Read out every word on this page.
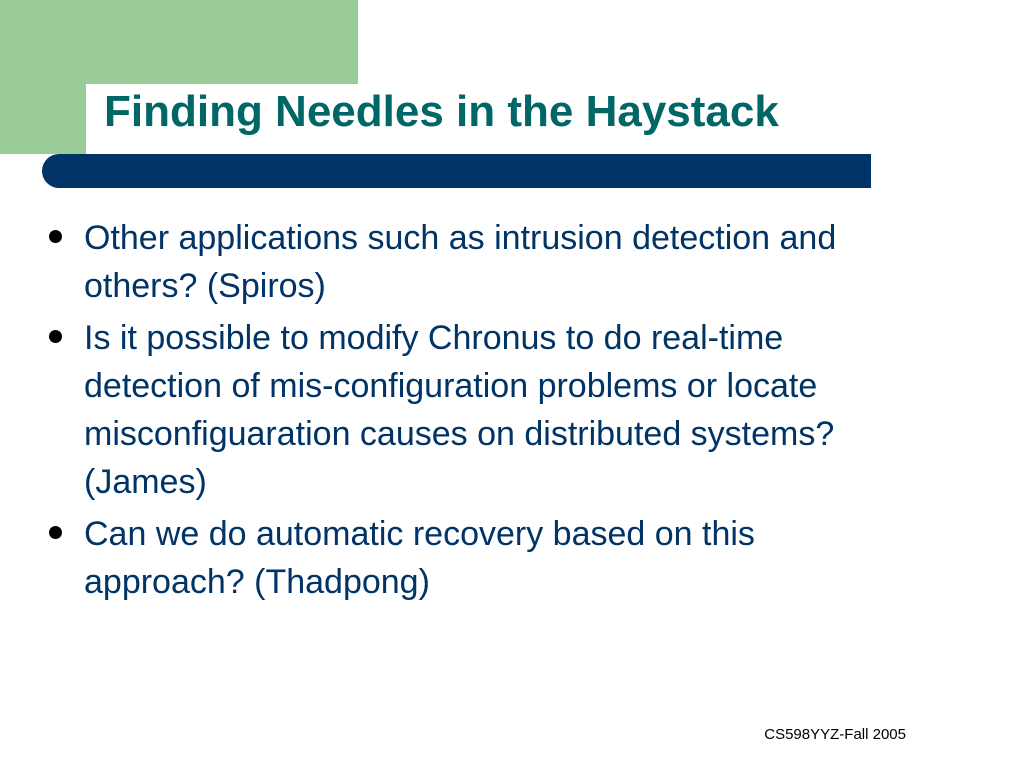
Finding Needles in the Haystack
Other applications such as intrusion detection and
others? (Spiros)
Is it possible to modify Chronus to do real-time
detection of mis-configuration problems or locate
misconfiguaration causes on distributed systems?
(James)
Can we do automatic recovery based on this
approach? (Thadpong)
CS598YYZ-Fall 2005
